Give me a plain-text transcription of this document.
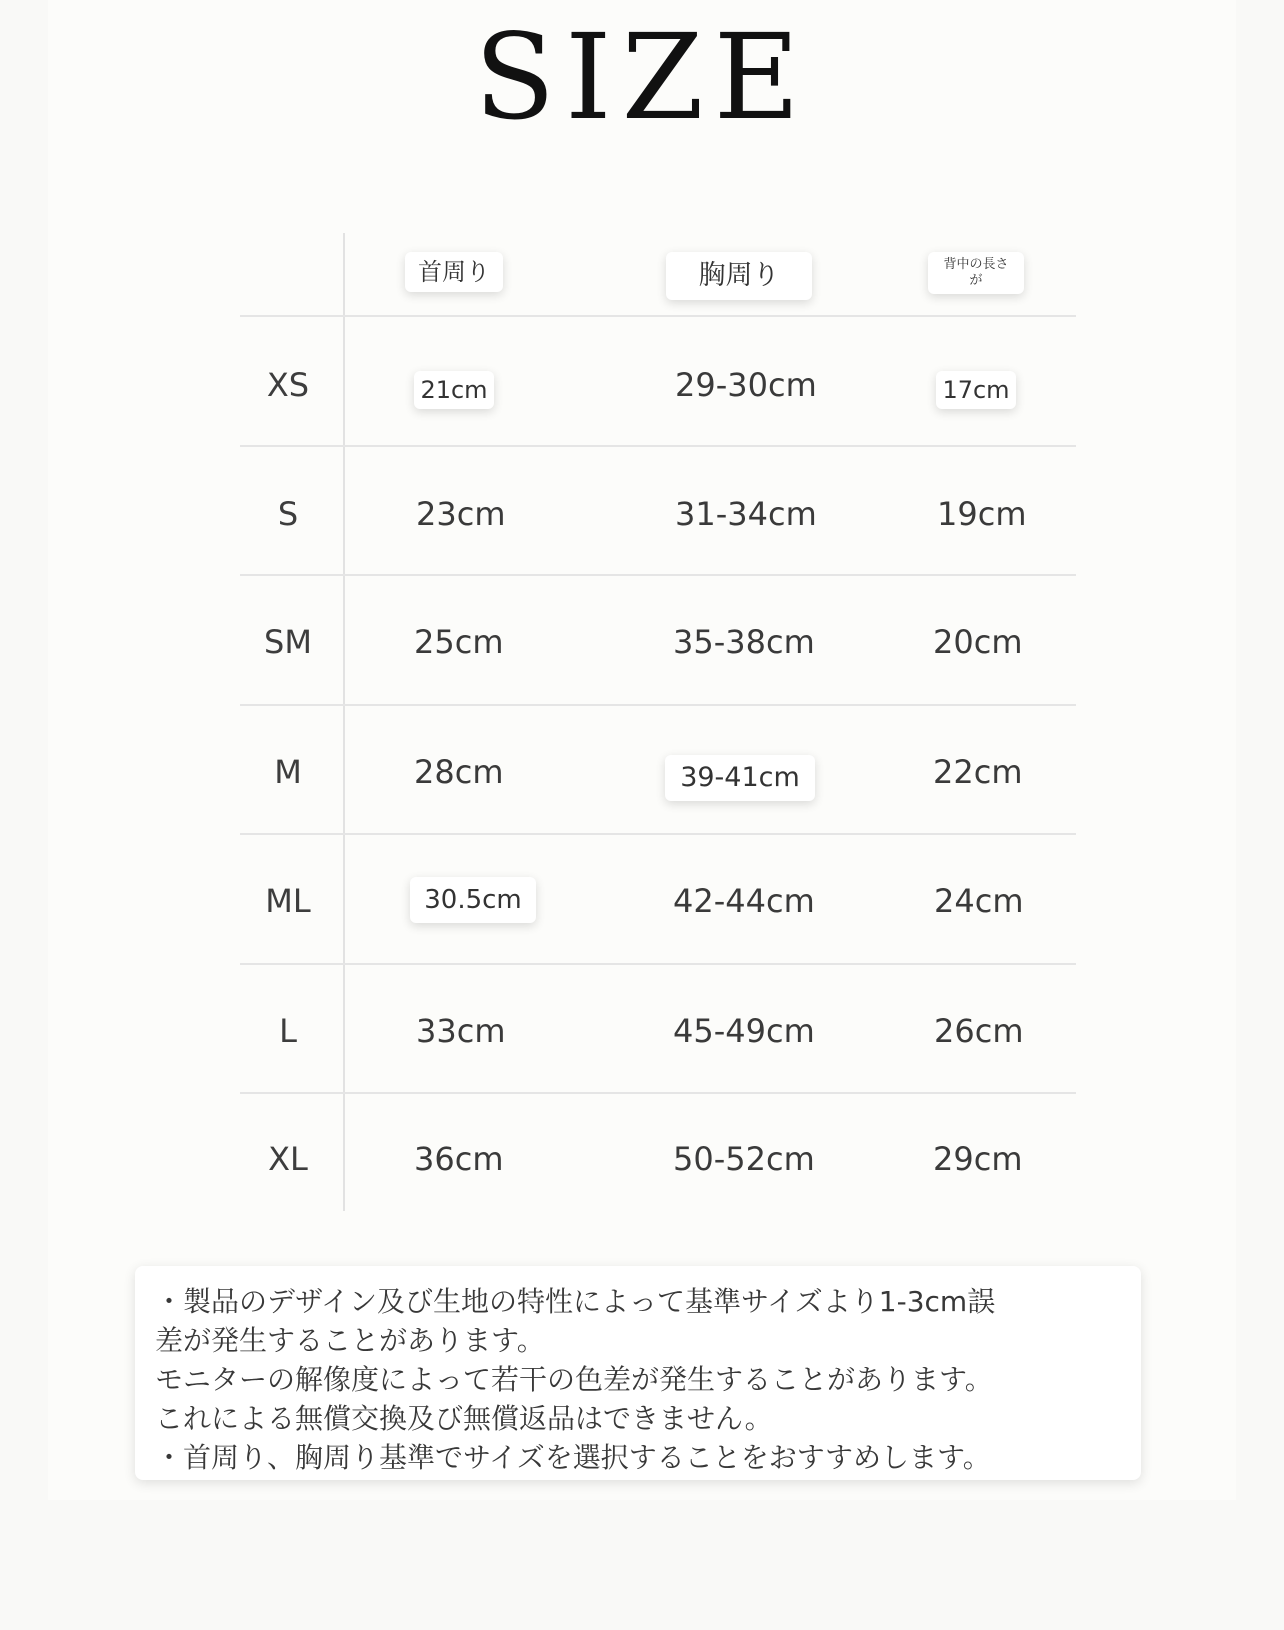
SIZE
首周り	胸周り	背中の長さ
が
XS	21cm	29-30cm	17cm
S	23cm	31-34cm	19cm
SM	25cm	35-38cm	20cm
M	28cm	39-41cm	22cm
ML	30.5cm	42-44cm	24cm
L	33cm	45-49cm	26cm
XL	36cm	50-52cm	29cm

・製品のデザイン及び生地の特性によって基準サイズより1-3cm誤

差が発生することがあります。

モニターの解像度によって若干の色差が発生することがあります。

これによる無償交換及び無償返品はできません。

・首周り、胸周り基準でサイズを選択することをおすすめします。
